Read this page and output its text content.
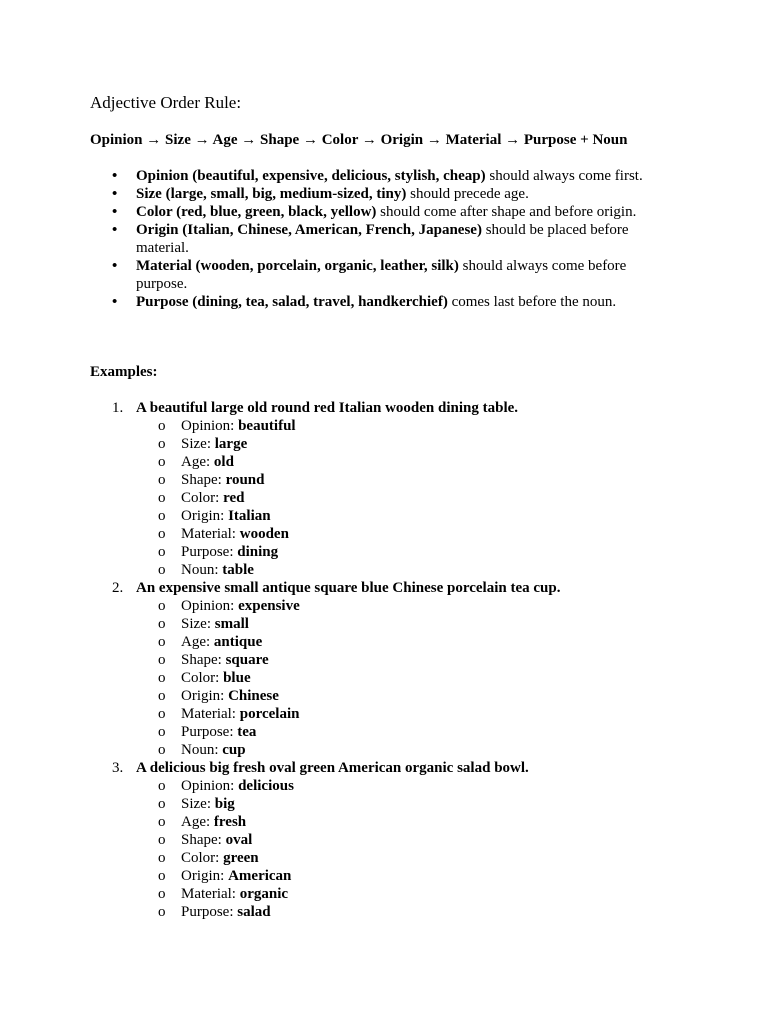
Adjective Order Rule:

Opinion → Size → Age → Shape → Color → Origin → Material → Purpose + Noun

• Opinion (beautiful, expensive, delicious, stylish, cheap) should always come first.
• Size (large, small, big, medium-sized, tiny) should precede age.
• Color (red, blue, green, black, yellow) should come after shape and before origin.
• Origin (Italian, Chinese, American, French, Japanese) should be placed before material.
• Material (wooden, porcelain, organic, leather, silk) should always come before purpose.
• Purpose (dining, tea, salad, travel, handkerchief) comes last before the noun.

Examples:

1. A beautiful large old round red Italian wooden dining table.
o Opinion: beautiful
o Size: large
o Age: old
o Shape: round
o Color: red
o Origin: Italian
o Material: wooden
o Purpose: dining
o Noun: table
2. An expensive small antique square blue Chinese porcelain tea cup.
o Opinion: expensive
o Size: small
o Age: antique
o Shape: square
o Color: blue
o Origin: Chinese
o Material: porcelain
o Purpose: tea
o Noun: cup
3. A delicious big fresh oval green American organic salad bowl.
o Opinion: delicious
o Size: big
o Age: fresh
o Shape: oval
o Color: green
o Origin: American
o Material: organic
o Purpose: salad
